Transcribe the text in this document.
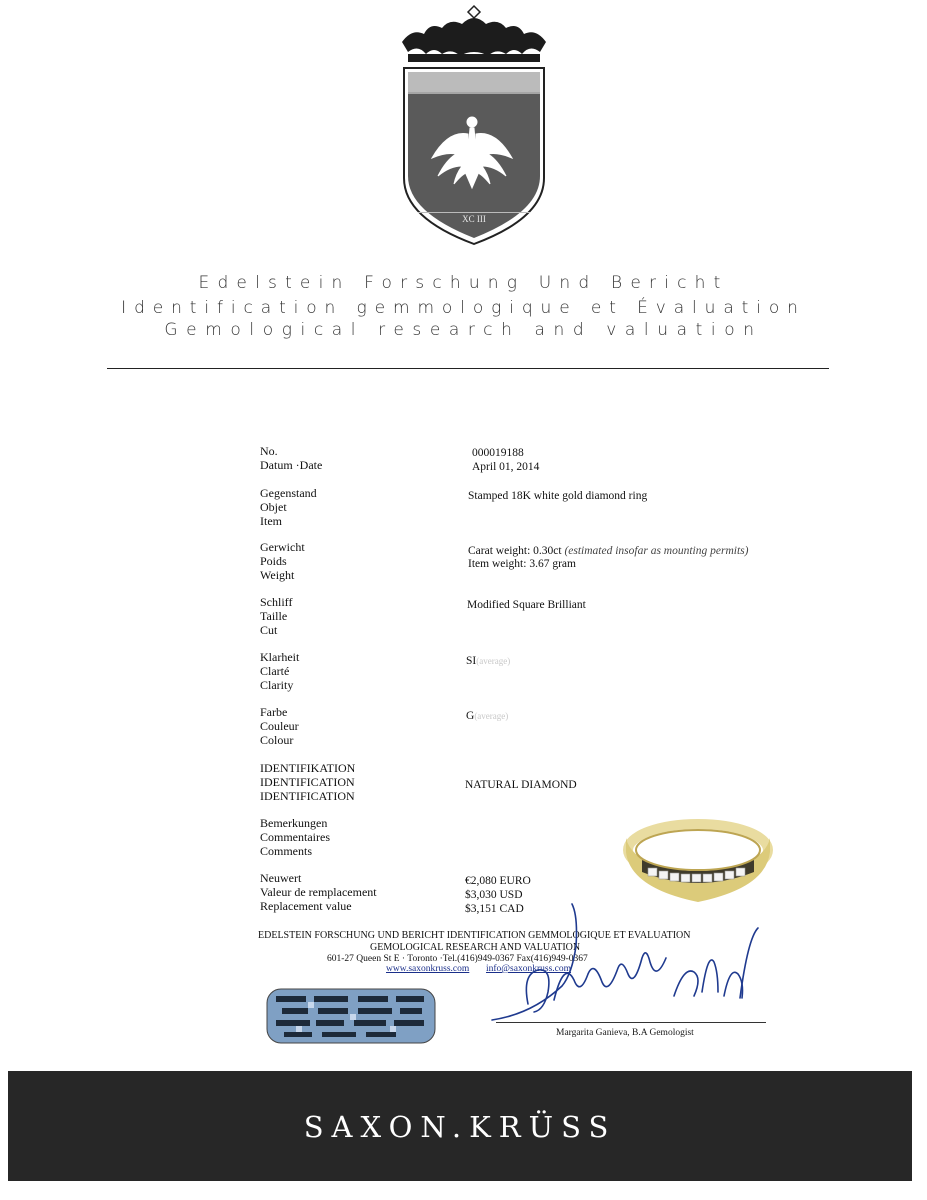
XC III
Edelstein Forschung Und Bericht
Identification gemmologique et Évaluation
Gemological research and valuation
No.
Datum ·Date
000019188
April 01, 2014
Gegenstand
Objet
Item
Stamped 18K white gold diamond ring
Gerwicht
Poids
Weight
Carat weight: 0.30ct (estimated insofar as mounting permits)
Item weight: 3.67 gram
Schliff
Taille
Cut
Modified Square Brilliant
Klarheit
Clarté
Clarity
SI(average)
Farbe
Couleur
Colour
G(average)
IDENTIFIKATION
IDENTIFICATION
IDENTIFICATION
NATURAL DIAMOND
Bemerkungen
Commentaires
Comments
Neuwert
Valeur de remplacement
Replacement value
€2,080 EURO
$3,030 USD
$3,151 CAD
EDELSTEIN FORSCHUNG UND BERICHT IDENTIFICATION GEMMOLOGIQUE ET EVALUATION
GEMOLOGICAL RESEARCH AND VALUATION
601-27 Queen St E · Toronto ·Tel.(416)949-0367 Fax(416)949-0367
www.saxonkruss.com info@saxonkruss.com
Margarita Ganieva, B.A Gemologist
SAXON.KRÜSS
